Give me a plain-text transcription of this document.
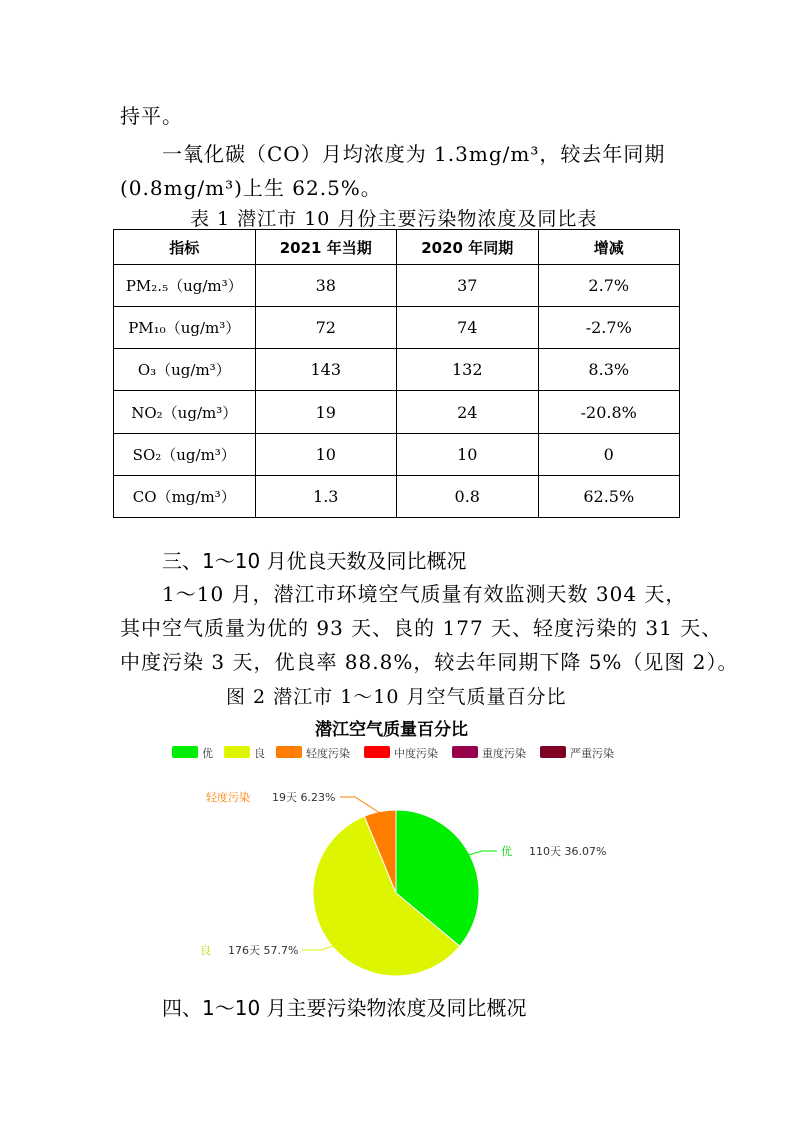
持平。
一氧化碳（CO）月均浓度为 1.3mg/m³，较去年同期
(0.8mg/m³)上生 62.5%。
表 1 潜江市 10 月份主要污染物浓度及同比表
指标	2021 年当期	2020 年同期	增减
PM₂.₅（ug/m³）	38	37	2.7%
PM₁₀（ug/m³）	72	74	-2.7%
O₃（ug/m³）	143	132	8.3%
NO₂（ug/m³）	19	24	-20.8%
SO₂（ug/m³）	10	10	0
CO（mg/m³）	1.3	0.8	62.5%
三、1～10 月优良天数及同比概况
1～10 月，潜江市环境空气质量有效监测天数 304 天，
其中空气质量为优的 93 天、良的 177 天、轻度污染的 31 天、
中度污染 3 天，优良率 88.8%，较去年同期下降 5%（见图 2）。
图 2 潜江市 1～10 月空气质量百分比
潜江空气质量百分比
优	良	轻度污染	中度污染	重度污染	严重污染
优 110天 36.07%
良 176天 57.7%
轻度污染 19天 6.23%
四、1～10 月主要污染物浓度及同比概况
